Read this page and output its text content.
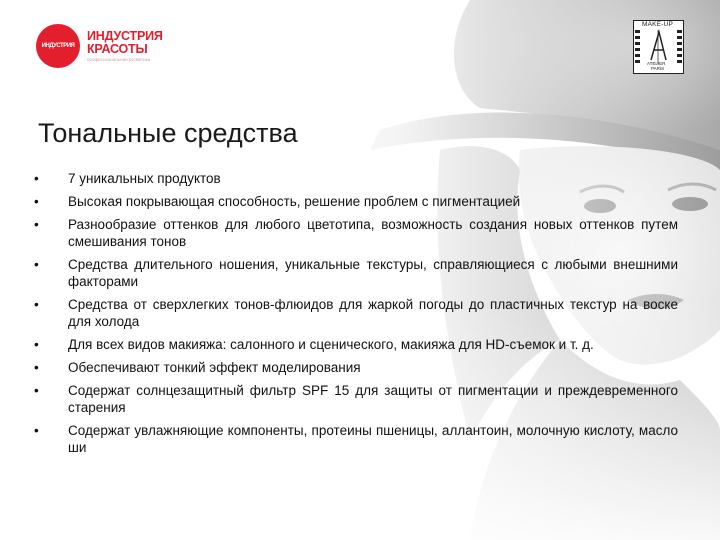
ИНДУСТРИЯ
ИНДУСТРИЯ
КРАСОТЫ
профессиональная косметика
MAKE-UP
ATELIER
PARIS
Тональные средства
•	7 уникальных продуктов
•	Высокая покрывающая способность, решение проблем с пигментацией
•	Разнообразие оттенков для любого цветотипа, возможность создания новых оттенков путем смешивания тонов
•	Средства длительного ношения, уникальные текстуры, справляющиеся с любыми внешними факторами
•	Средства от сверхлегких тонов-флюидов для жаркой погоды до пластичных текстур на воске для холода
•	Для всех видов макияжа: салонного и сценического, макияжа для HD-съемок и т. д.
•	Обеспечивают тонкий эффект моделирования
•	Содержат солнцезащитный фильтр SPF 15 для защиты от пигментации и преждевременного старения
•	Содержат увлажняющие компоненты, протеины пшеницы, аллантоин, молочную кислоту, масло ши
